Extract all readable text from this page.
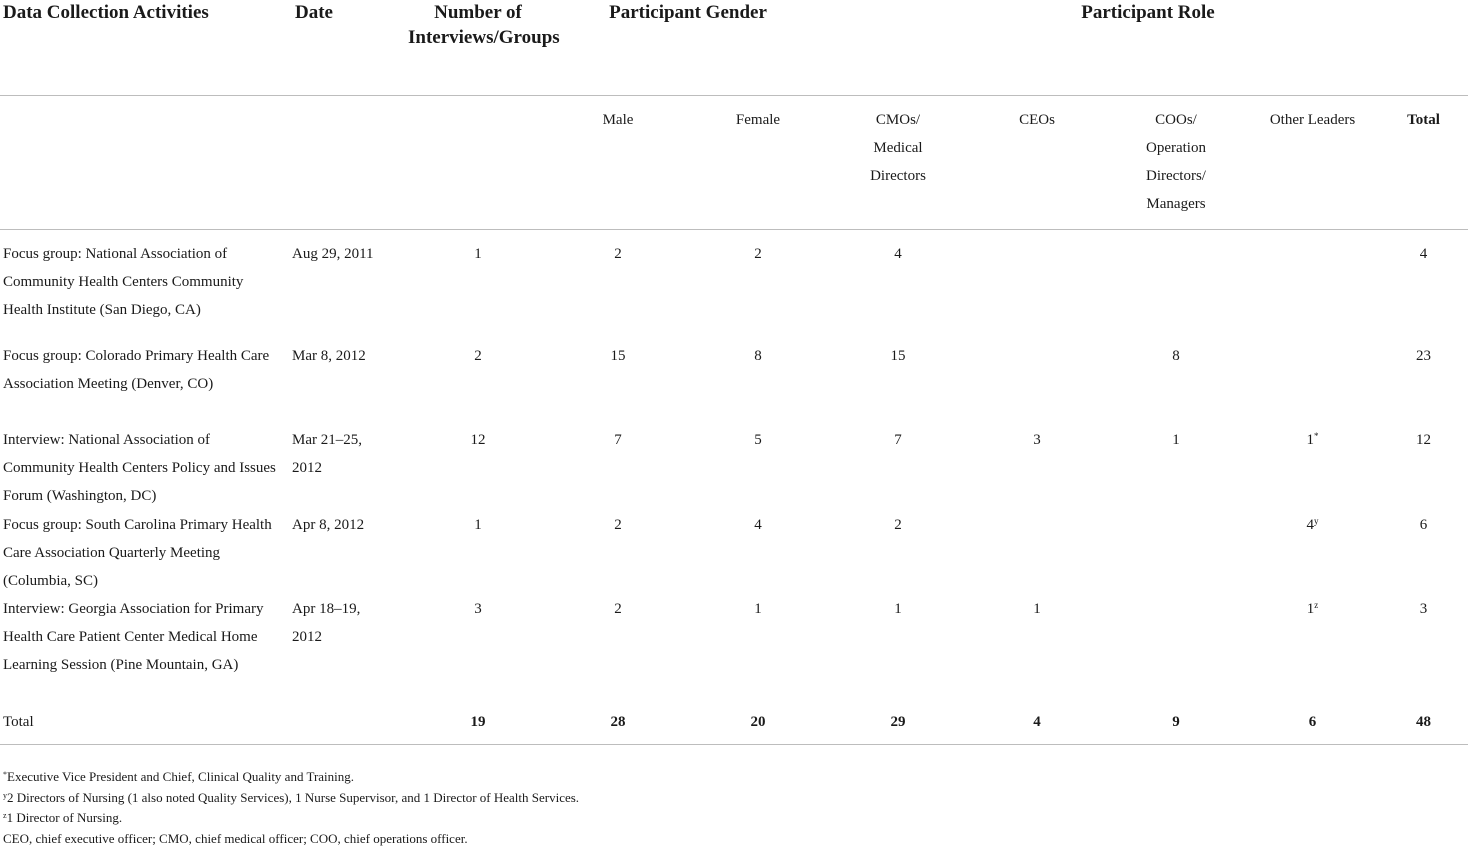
Data Collection Activities	Date	Number of Interviews/Groups	Participant Gender		Participant Role				
			Male	Female	CMOs/ Medical Directors	CEOs	COOs/ Operation Directors/ Managers	Other Leaders	Total
Focus group: National Association of Community Health Centers Community Health Institute (San Diego, CA)	Aug 29, 2011	1	2	2	4				4
Focus group: Colorado Primary Health Care Association Meeting (Denver, CO)	Mar 8, 2012	2	15	8	15		8		23
Interview: National Association of Community Health Centers Policy and Issues Forum (Washington, DC)	Mar 21–25, 2012	12	7	5	7	3	1	1*	12
Focus group: South Carolina Primary Health Care Association Quarterly Meeting (Columbia, SC)	Apr 8, 2012	1	2	4	2			4$^y$	6
Interview: Georgia Association for Primary Health Care Patient Center Medical Home Learning Session (Pine Mountain, GA)	Apr 18–19, 2012	3	2	1	1	1		1$^z$	3
Total		19	28	20	29	4	9	6	48
*Executive Vice President and Chief, Clinical Quality and Training.
$^y$2 Directors of Nursing (1 also noted Quality Services), 1 Nurse Supervisor, and 1 Director of Health Services.
$^z$1 Director of Nursing.
CEO, chief executive officer; CMO, chief medical officer; COO, chief operations officer.
